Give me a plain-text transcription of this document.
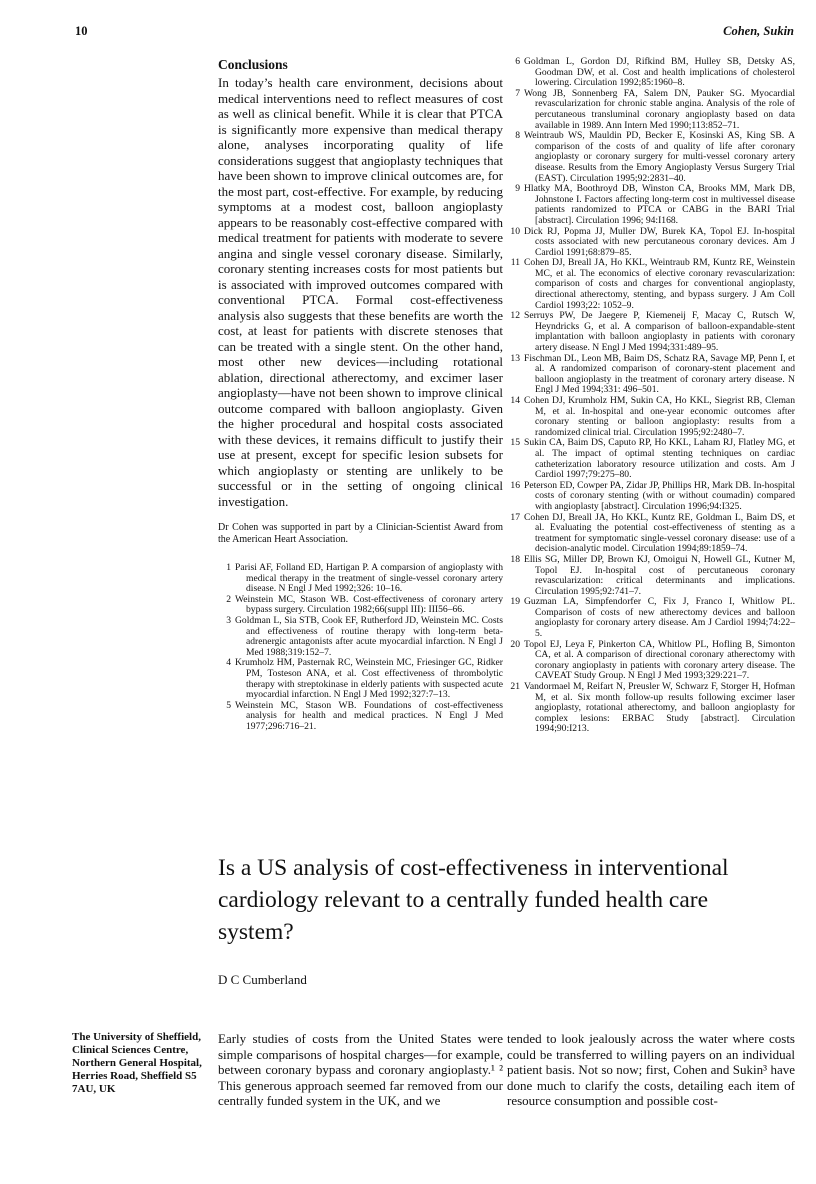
10	Cohen, Sukin
Conclusions

In today’s health care environment, decisions about medical interventions need to reflect measures of cost as well as clinical benefit. While it is clear that PTCA is significantly more expensive than medical therapy alone, analyses incorporating quality of life considerations suggest that angioplasty techniques that have been shown to improve clinical outcomes are, for the most part, cost-effective. For example, by reducing symptoms at a modest cost, balloon angioplasty appears to be reasonably cost-effective compared with medical treatment for patients with moderate to severe angina and single vessel coronary disease. Similarly, coronary stenting increases costs for most patients but is associated with improved outcomes compared with conventional PTCA. Formal cost-effectiveness analysis also suggests that these benefits are worth the cost, at least for patients with discrete stenoses that can be treated with a single stent. On the other hand, most other new devices—including rotational ablation, directional atherectomy, and excimer laser angioplasty—have not been shown to improve clinical outcome compared with balloon angioplasty. Given the higher procedural and hospital costs associated with these devices, it remains difficult to justify their use at present, except for specific lesion subsets for which angioplasty or stenting are unlikely to be successful or in the setting of ongoing clinical investigation.

Dr Cohen was supported in part by a Clinician-Scientist Award from the American Heart Association.
1 Parisi AF, Folland ED, Hartigan P. A comparsion of angioplasty with medical therapy in the treatment of single-vessel coronary artery disease. N Engl J Med 1992;326: 10–16.
2 Weinstein MC, Stason WB. Cost-effectiveness of coronary artery bypass surgery. Circulation 1982;66(suppl III): III56–66.
3 Goldman L, Sia STB, Cook EF, Rutherford JD, Weinstein MC. Costs and effectiveness of routine therapy with long-term beta-adrenergic antagonists after acute myocardial infarction. N Engl J Med 1988;319:152–7.
4 Krumholz HM, Pasternak RC, Weinstein MC, Friesinger GC, Ridker PM, Tosteson ANA, et al. Cost effectiveness of thrombolytic therapy with streptokinase in elderly patients with suspected acute myocardial infarction. N Engl J Med 1992;327:7–13.
5 Weinstein MC, Stason WB. Foundations of cost-effectiveness analysis for health and medical practices. N Engl J Med 1977;296:716–21.
6 Goldman L, Gordon DJ, Rifkind BM, Hulley SB, Detsky AS, Goodman DW, et al. Cost and health implications of cholesterol lowering. Circulation 1992;85:1960–8.
7 Wong JB, Sonnenberg FA, Salem DN, Pauker SG. Myocardial revascularization for chronic stable angina. Analysis of the role of percutaneous transluminal coronary angioplasty based on data available in 1989. Ann Intern Med 1990;113:852–71.
8 Weintraub WS, Mauldin PD, Becker E, Kosinski AS, King SB. A comparison of the costs of and quality of life after coronary angioplasty or coronary surgery for multi-vessel coronary artery disease. Results from the Emory Angioplasty Versus Surgery Trial (EAST). Circulation 1995;92:2831–40.
9 Hlatky MA, Boothroyd DB, Winston CA, Brooks MM, Mark DB, Johnstone I. Factors affecting long-term cost in multivessel disease patients randomized to PTCA or CABG in the BARI Trial [abstract]. Circulation 1996; 94:I168.
10 Dick RJ, Popma JJ, Muller DW, Burek KA, Topol EJ. In-hospital costs associated with new percutaneous coronary devices. Am J Cardiol 1991;68:879–85.
11 Cohen DJ, Breall JA, Ho KKL, Weintraub RM, Kuntz RE, Weinstein MC, et al. The economics of elective coronary revascularization: comparison of costs and charges for conventional angioplasty, directional atherectomy, stenting, and bypass surgery. J Am Coll Cardiol 1993;22: 1052–9.
12 Serruys PW, De Jaegere P, Kiemeneij F, Macay C, Rutsch W, Heyndricks G, et al. A comparison of balloon-expandable-stent implantation with balloon angioplasty in patients with coronary artery disease. N Engl J Med 1994;331:489–95.
13 Fischman DL, Leon MB, Baim DS, Schatz RA, Savage MP, Penn I, et al. A randomized comparison of coronary-stent placement and balloon angioplasty in the treatment of coronary artery disease. N Engl J Med 1994;331: 496–501.
14 Cohen DJ, Krumholz HM, Sukin CA, Ho KKL, Siegrist RB, Cleman M, et al. In-hospital and one-year economic outcomes after coronary stenting or balloon angioplasty: results from a randomized clinical trial. Circulation 1995;92:2480–7.
15 Sukin CA, Baim DS, Caputo RP, Ho KKL, Laham RJ, Flatley MG, et al. The impact of optimal stenting techniques on cardiac catheterization laboratory resource utilization and costs. Am J Cardiol 1997;79:275–80.
16 Peterson ED, Cowper PA, Zidar JP, Phillips HR, Mark DB. In-hospital costs of coronary stenting (with or without coumadin) compared with angioplasty [abstract]. Circulation 1996;94:I325.
17 Cohen DJ, Breall JA, Ho KKL, Kuntz RE, Goldman L, Baim DS, et al. Evaluating the potential cost-effectiveness of stenting as a treatment for symptomatic single-vessel coronary disease: use of a decision-analytic model. Circulation 1994;89:1859–74.
18 Ellis SG, Miller DP, Brown KJ, Omoigui N, Howell GL, Kutner M, Topol EJ. In-hospital cost of percutaneous coronary revascularization: critical determinants and implications. Circulation 1995;92:741–7.
19 Guzman LA, Simpfendorfer C, Fix J, Franco I, Whitlow PL. Comparison of costs of new atherectomy devices and balloon angioplasty for coronary artery disease. Am J Cardiol 1994;74:22–5.
20 Topol EJ, Leya F, Pinkerton CA, Whitlow PL, Hofling B, Simonton CA, et al. A comparison of directional coronary atherectomy with coronary angioplasty in patients with coronary artery disease. The CAVEAT Study Group. N Engl J Med 1993;329:221–7.
21 Vandormael M, Reifart N, Preusler W, Schwarz F, Storger H, Hofman M, et al. Six month follow-up results following excimer laser angioplasty, rotational atherectomy, and balloon angioplasty for complex lesions: ERBAC Study [abstract]. Circulation 1994;90:I213.
Is a US analysis of cost-effectiveness in interventional cardiology relevant to a centrally funded health care system?
D C Cumberland
The University of Sheffield, Clinical Sciences Centre, Northern General Hospital, Herries Road, Sheffield S5 7AU, UK

Early studies of costs from the United States were simple comparisons of hospital charges—for example, between coronary bypass and coronary angioplasty.¹ ² This generous approach seemed far removed from our centrally funded system in the UK, and we

tended to look jealously across the water where costs could be transferred to willing payers on an individual patient basis. Not so now; first, Cohen and Sukin³ have done much to clarify the costs, detailing each item of resource consumption and possible cost-
